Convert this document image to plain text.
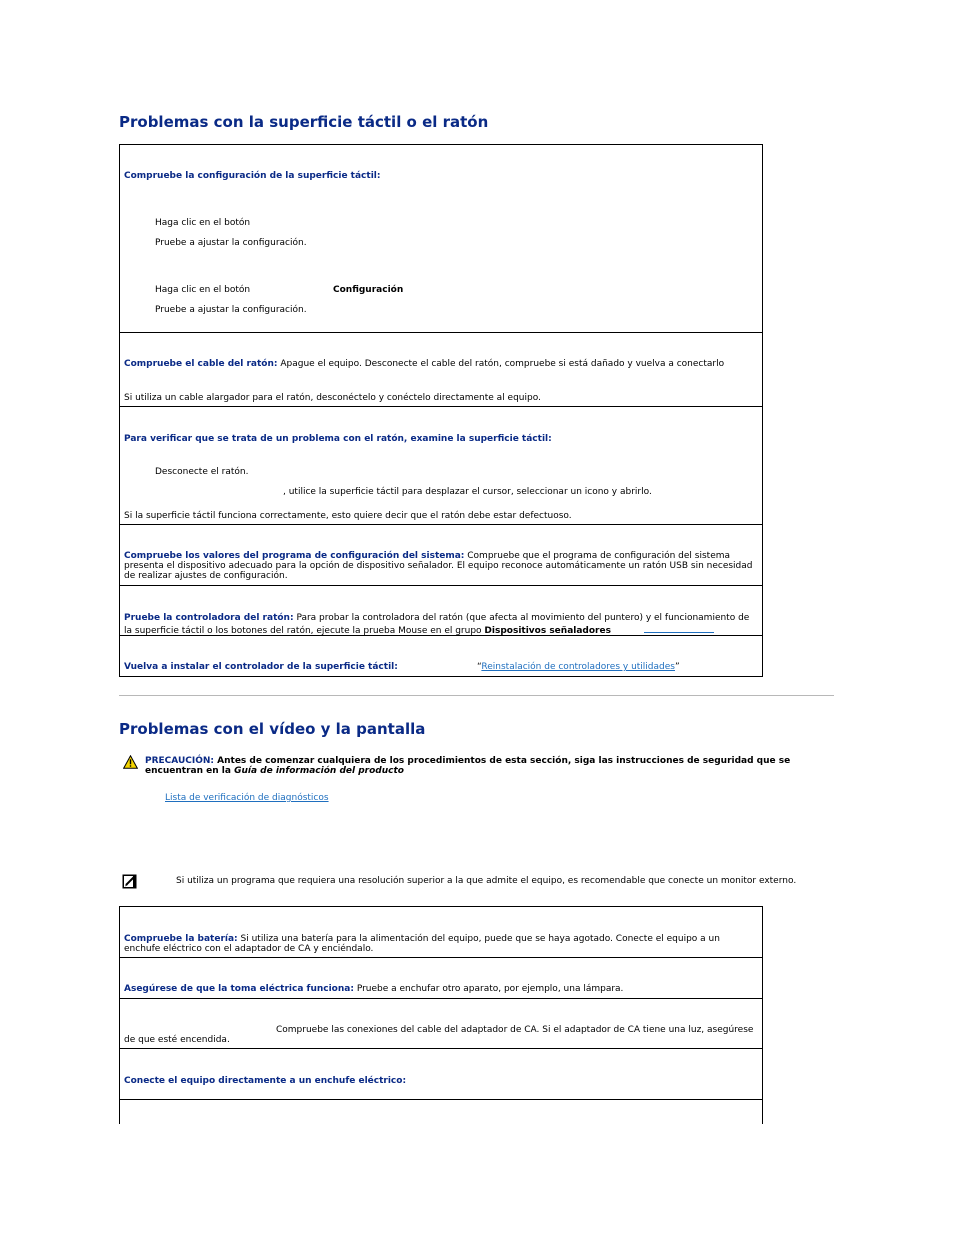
Problemas con la superficie táctil o el ratón
Compruebe la configuración de la superficie táctil:
Haga clic en el botón
Pruebe a ajustar la configuración.
Haga clic en el botón	Configuración
Pruebe a ajustar la configuración.
Compruebe el cable del ratón: Apague el equipo. Desconecte el cable del ratón, compruebe si está dañado y vuelva a conectarlo
Si utiliza un cable alargador para el ratón, desconéctelo y conéctelo directamente al equipo.
Para verificar que se trata de un problema con el ratón, examine la superficie táctil:
Desconecte el ratón.
, utilice la superficie táctil para desplazar el cursor, seleccionar un icono y abrirlo.
Si la superficie táctil funciona correctamente, esto quiere decir que el ratón debe estar defectuoso.
Compruebe los valores del programa de configuración del sistema: Compruebe que el programa de configuración del sistema presenta el dispositivo adecuado para la opción de dispositivo señalador. El equipo reconoce automáticamente un ratón USB sin necesidad de realizar ajustes de configuración.
Pruebe la controladora del ratón: Para probar la controladora del ratón (que afecta al movimiento del puntero) y el funcionamiento de la superficie táctil o los botones del ratón, ejecute la prueba Mouse en el grupo Dispositivos señaladores
Vuelva a instalar el controlador de la superficie táctil:	“Reinstalación de controladores y utilidades”
Problemas con el vídeo y la pantalla
PRECAUCIÓN: Antes de comenzar cualquiera de los procedimientos de esta sección, siga las instrucciones de seguridad que se encuentran en la Guía de información del producto
Lista de verificación de diagnósticos
Si utiliza un programa que requiera una resolución superior a la que admite el equipo, es recomendable que conecte un monitor externo.
Compruebe la batería: Si utiliza una batería para la alimentación del equipo, puede que se haya agotado. Conecte el equipo a un enchufe eléctrico con el adaptador de CA y enciéndalo.
Asegúrese de que la toma eléctrica funciona: Pruebe a enchufar otro aparato, por ejemplo, una lámpara.
Compruebe las conexiones del cable del adaptador de CA. Si el adaptador de CA tiene una luz, asegúrese
de que esté encendida.
Conecte el equipo directamente a un enchufe eléctrico:
